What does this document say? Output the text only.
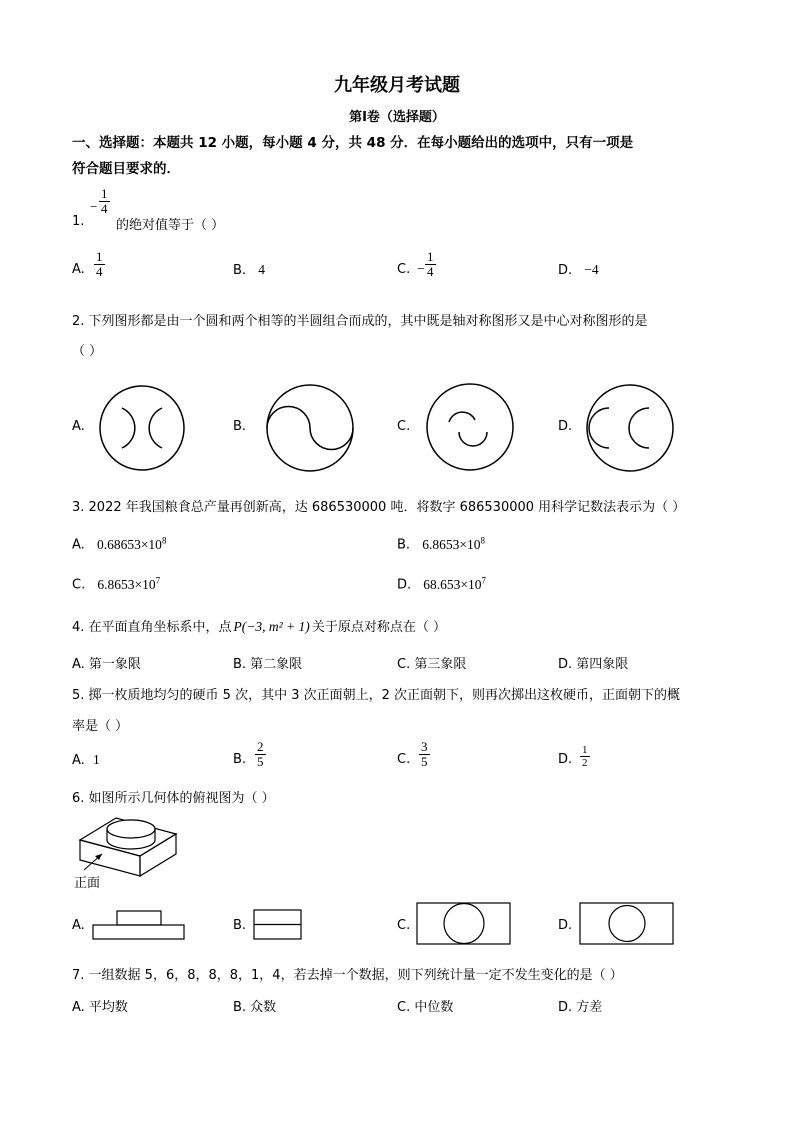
九年级月考试题
第Ⅰ卷（选择题）
一、选择题：本题共 12 小题，每小题 4 分，共 48 分．在每小题给出的选项中，只有一项是
符合题目要求的．
1.
− $\frac{1}{4}$
的绝对值等于（ ）
A. $\frac{1}{4}$	B. 4	C. − $\frac{1}{4}$	D. −4
2. 下列图形都是由一个圆和两个相等的半圆组合而成的，其中既是轴对称图形又是中心对称图形的是
（ ）
A.	B.	C.	D.
3. 2022 年我国粮食总产量再创新高，达 686530000 吨．将数字 686530000 用科学记数法表示为（ ）
A. $0.68653\times 10^8$	B. $6.8653\times 10^8$
C. $6.8653\times 10^7$	D. $68.653\times 10^7$
4. 在平面直角坐标系中，点 P(−3, m² + 1) 关于原点对称点在（ ）
A. 第一象限	B. 第二象限	C. 第三象限	D. 第四象限
5. 掷一枚质地均匀的硬币 5 次，其中 3 次正面朝上，2 次正面朝下，则再次掷出这枚硬币，正面朝下的概
率是（ ）
A. 1	B. $\frac{2}{5}$	C. $\frac{3}{5}$	D. $\frac{1}{2}$
6. 如图所示几何体的俯视图为（ ）
正面
A.	B.	C.	D.
7. 一组数据 5，6，8，8，8，1，4，若去掉一个数据，则下列统计量一定不发生变化的是（ ）
A. 平均数	B. 众数	C. 中位数	D. 方差
